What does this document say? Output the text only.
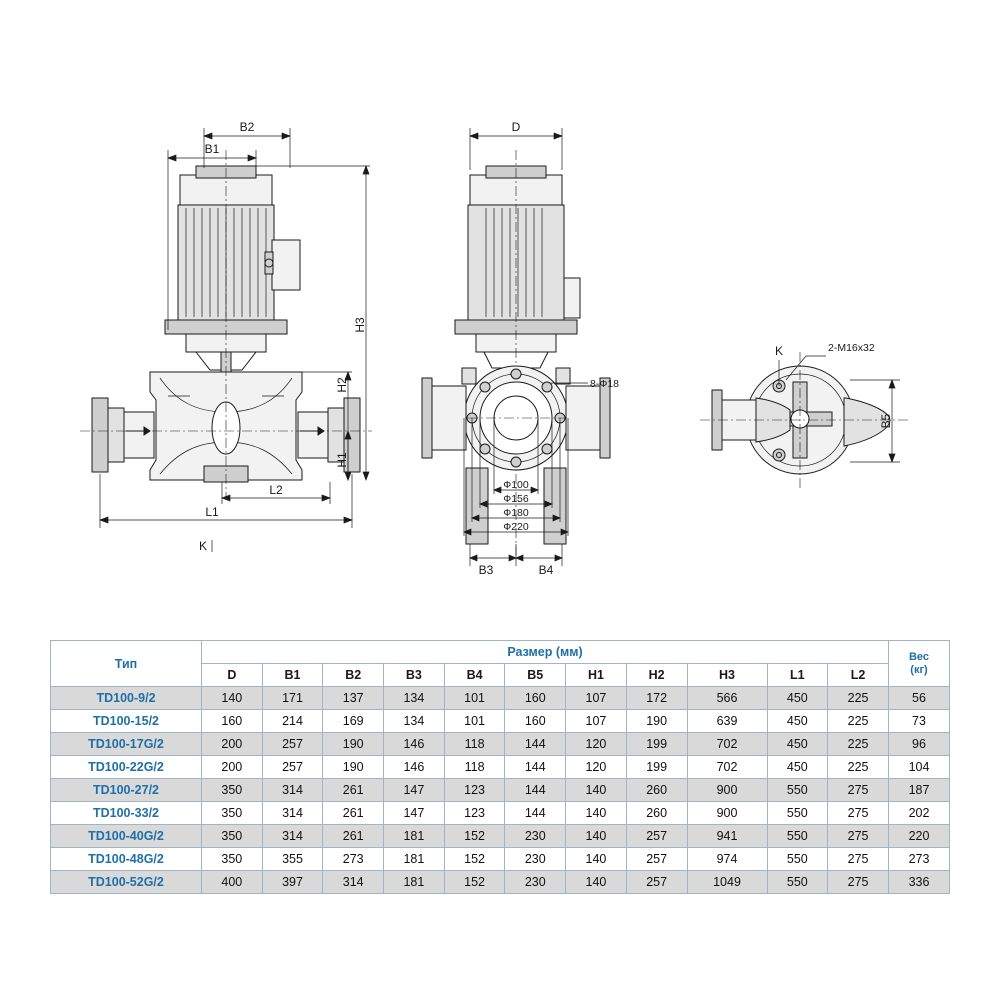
B2
B1
H3
H2
H1
L2
L1
K
D
8-Ф18
Ф100
Ф156
Ф180
Ф220
B3	B4
K	2-M16x32
B5
Тип	Размер (мм)											Вес
(кг)

	D	B1	B2	B3	B4	B5	H1	H2	H3	L1	L2	
TD100-9/2	140	171	137	134	101	160	107	172	566	450	225	56
TD100-15/2	160	214	169	134	101	160	107	190	639	450	225	73
TD100-17G/2	200	257	190	146	118	144	120	199	702	450	225	96
TD100-22G/2	200	257	190	146	118	144	120	199	702	450	225	104
TD100-27/2	350	314	261	147	123	144	140	260	900	550	275	187
TD100-33/2	350	314	261	147	123	144	140	260	900	550	275	202
TD100-40G/2	350	314	261	181	152	230	140	257	941	550	275	220
TD100-48G/2	350	355	273	181	152	230	140	257	974	550	275	273
TD100-52G/2	400	397	314	181	152	230	140	257	1049	550	275	336
